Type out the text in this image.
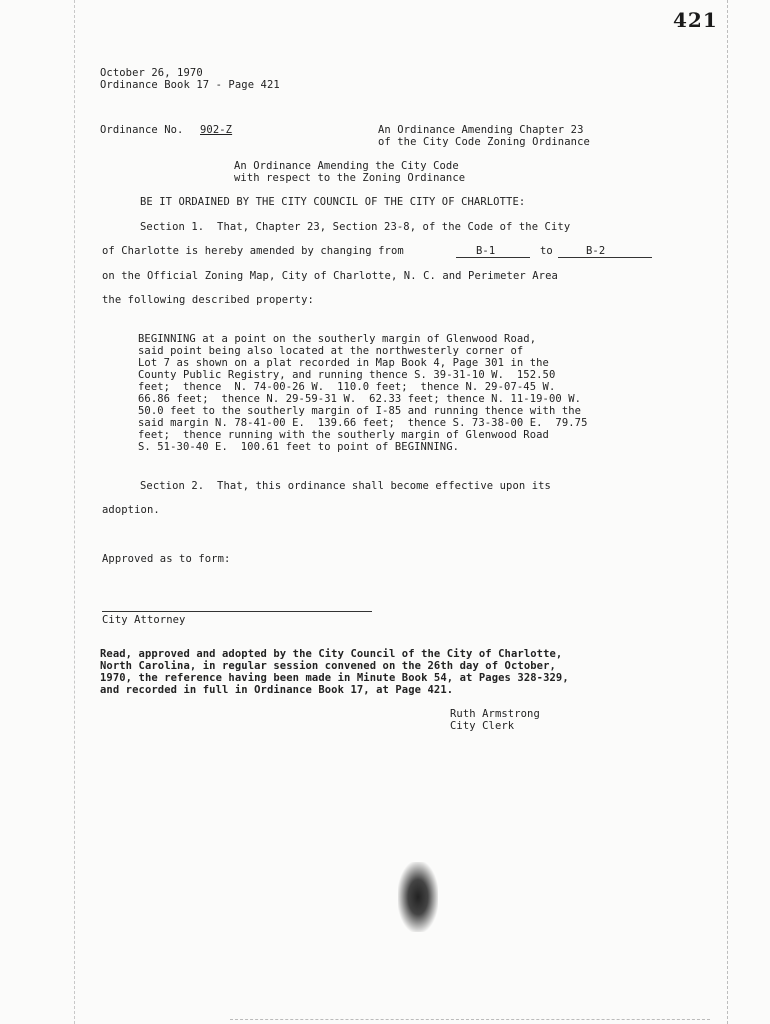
421
October 26, 1970
Ordinance Book 17 - Page 421
Ordinance No. 902-Z	An Ordinance Amending Chapter 23
of the City Code Zoning Ordinance
An Ordinance Amending the City Code
with respect to the Zoning Ordinance
BE IT ORDAINED BY THE CITY COUNCIL OF THE CITY OF CHARLOTTE:
Section 1.  That, Chapter 23, Section 23-8, of the Code of the City
of Charlotte is hereby amended by changing from	B-1	to	B-2
on the Official Zoning Map, City of Charlotte, N. C. and Perimeter Area
the following described property:
BEGINNING at a point on the southerly margin of Glenwood Road,
said point being also located at the northwesterly corner of
Lot 7 as shown on a plat recorded in Map Book 4, Page 301 in the
County Public Registry, and running thence S. 39-31-10 W.  152.50
feet;  thence  N. 74-00-26 W.  110.0 feet;  thence N. 29-07-45 W.
66.86 feet;  thence N. 29-59-31 W.  62.33 feet; thence N. 11-19-00 W.
50.0 feet to the southerly margin of I-85 and running thence with the
said margin N. 78-41-00 E.  139.66 feet;  thence S. 73-38-00 E.  79.75
feet;  thence running with the southerly margin of Glenwood Road
S. 51-30-40 E.  100.61 feet to point of BEGINNING.
Section 2.  That, this ordinance shall become effective upon its
adoption.
Approved as to form:
City Attorney
Read, approved and adopted by the City Council of the City of Charlotte,
North Carolina, in regular session convened on the 26th day of October,
1970, the reference having been made in Minute Book 54, at Pages 328-329,
and recorded in full in Ordinance Book 17, at Page 421.
Ruth Armstrong
City Clerk
